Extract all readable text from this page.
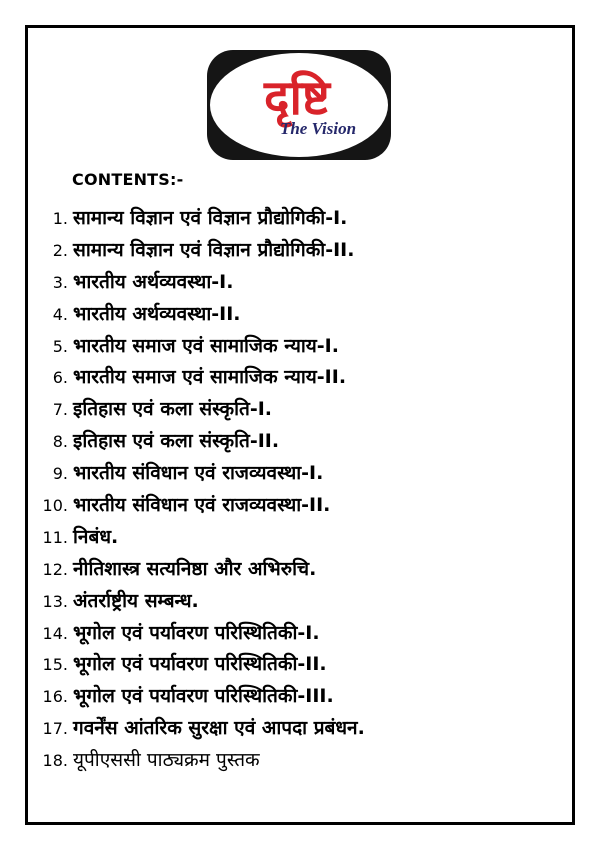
दृष्टि
The Vision
CONTENTS:-
1. सामान्य विज्ञान एवं विज्ञान प्रौद्योगिकी-I.
2. सामान्य विज्ञान एवं विज्ञान प्रौद्योगिकी-II.
3. भारतीय अर्थव्यवस्था-I.
4. भारतीय अर्थव्यवस्था-II.
5. भारतीय समाज एवं सामाजिक न्याय-I.
6. भारतीय समाज एवं सामाजिक न्याय-II.
7. इतिहास एवं कला संस्कृति-I.
8. इतिहास एवं कला संस्कृति-II.
9. भारतीय संविधान एवं राजव्यवस्था-I.
10. भारतीय संविधान एवं राजव्यवस्था-II.
11. निबंध.
12. नीतिशास्त्र सत्यनिष्ठा और अभिरुचि.
13. अंतर्राष्ट्रीय सम्बन्ध.
14. भूगोल एवं पर्यावरण परिस्थितिकी-I.
15. भूगोल एवं पर्यावरण परिस्थितिकी-II.
16. भूगोल एवं पर्यावरण परिस्थितिकी-III.
17. गवर्नेंस आंतरिक सुरक्षा एवं आपदा प्रबंधन.
18. यूपीएससी पाठ्यक्रम पुस्तक
